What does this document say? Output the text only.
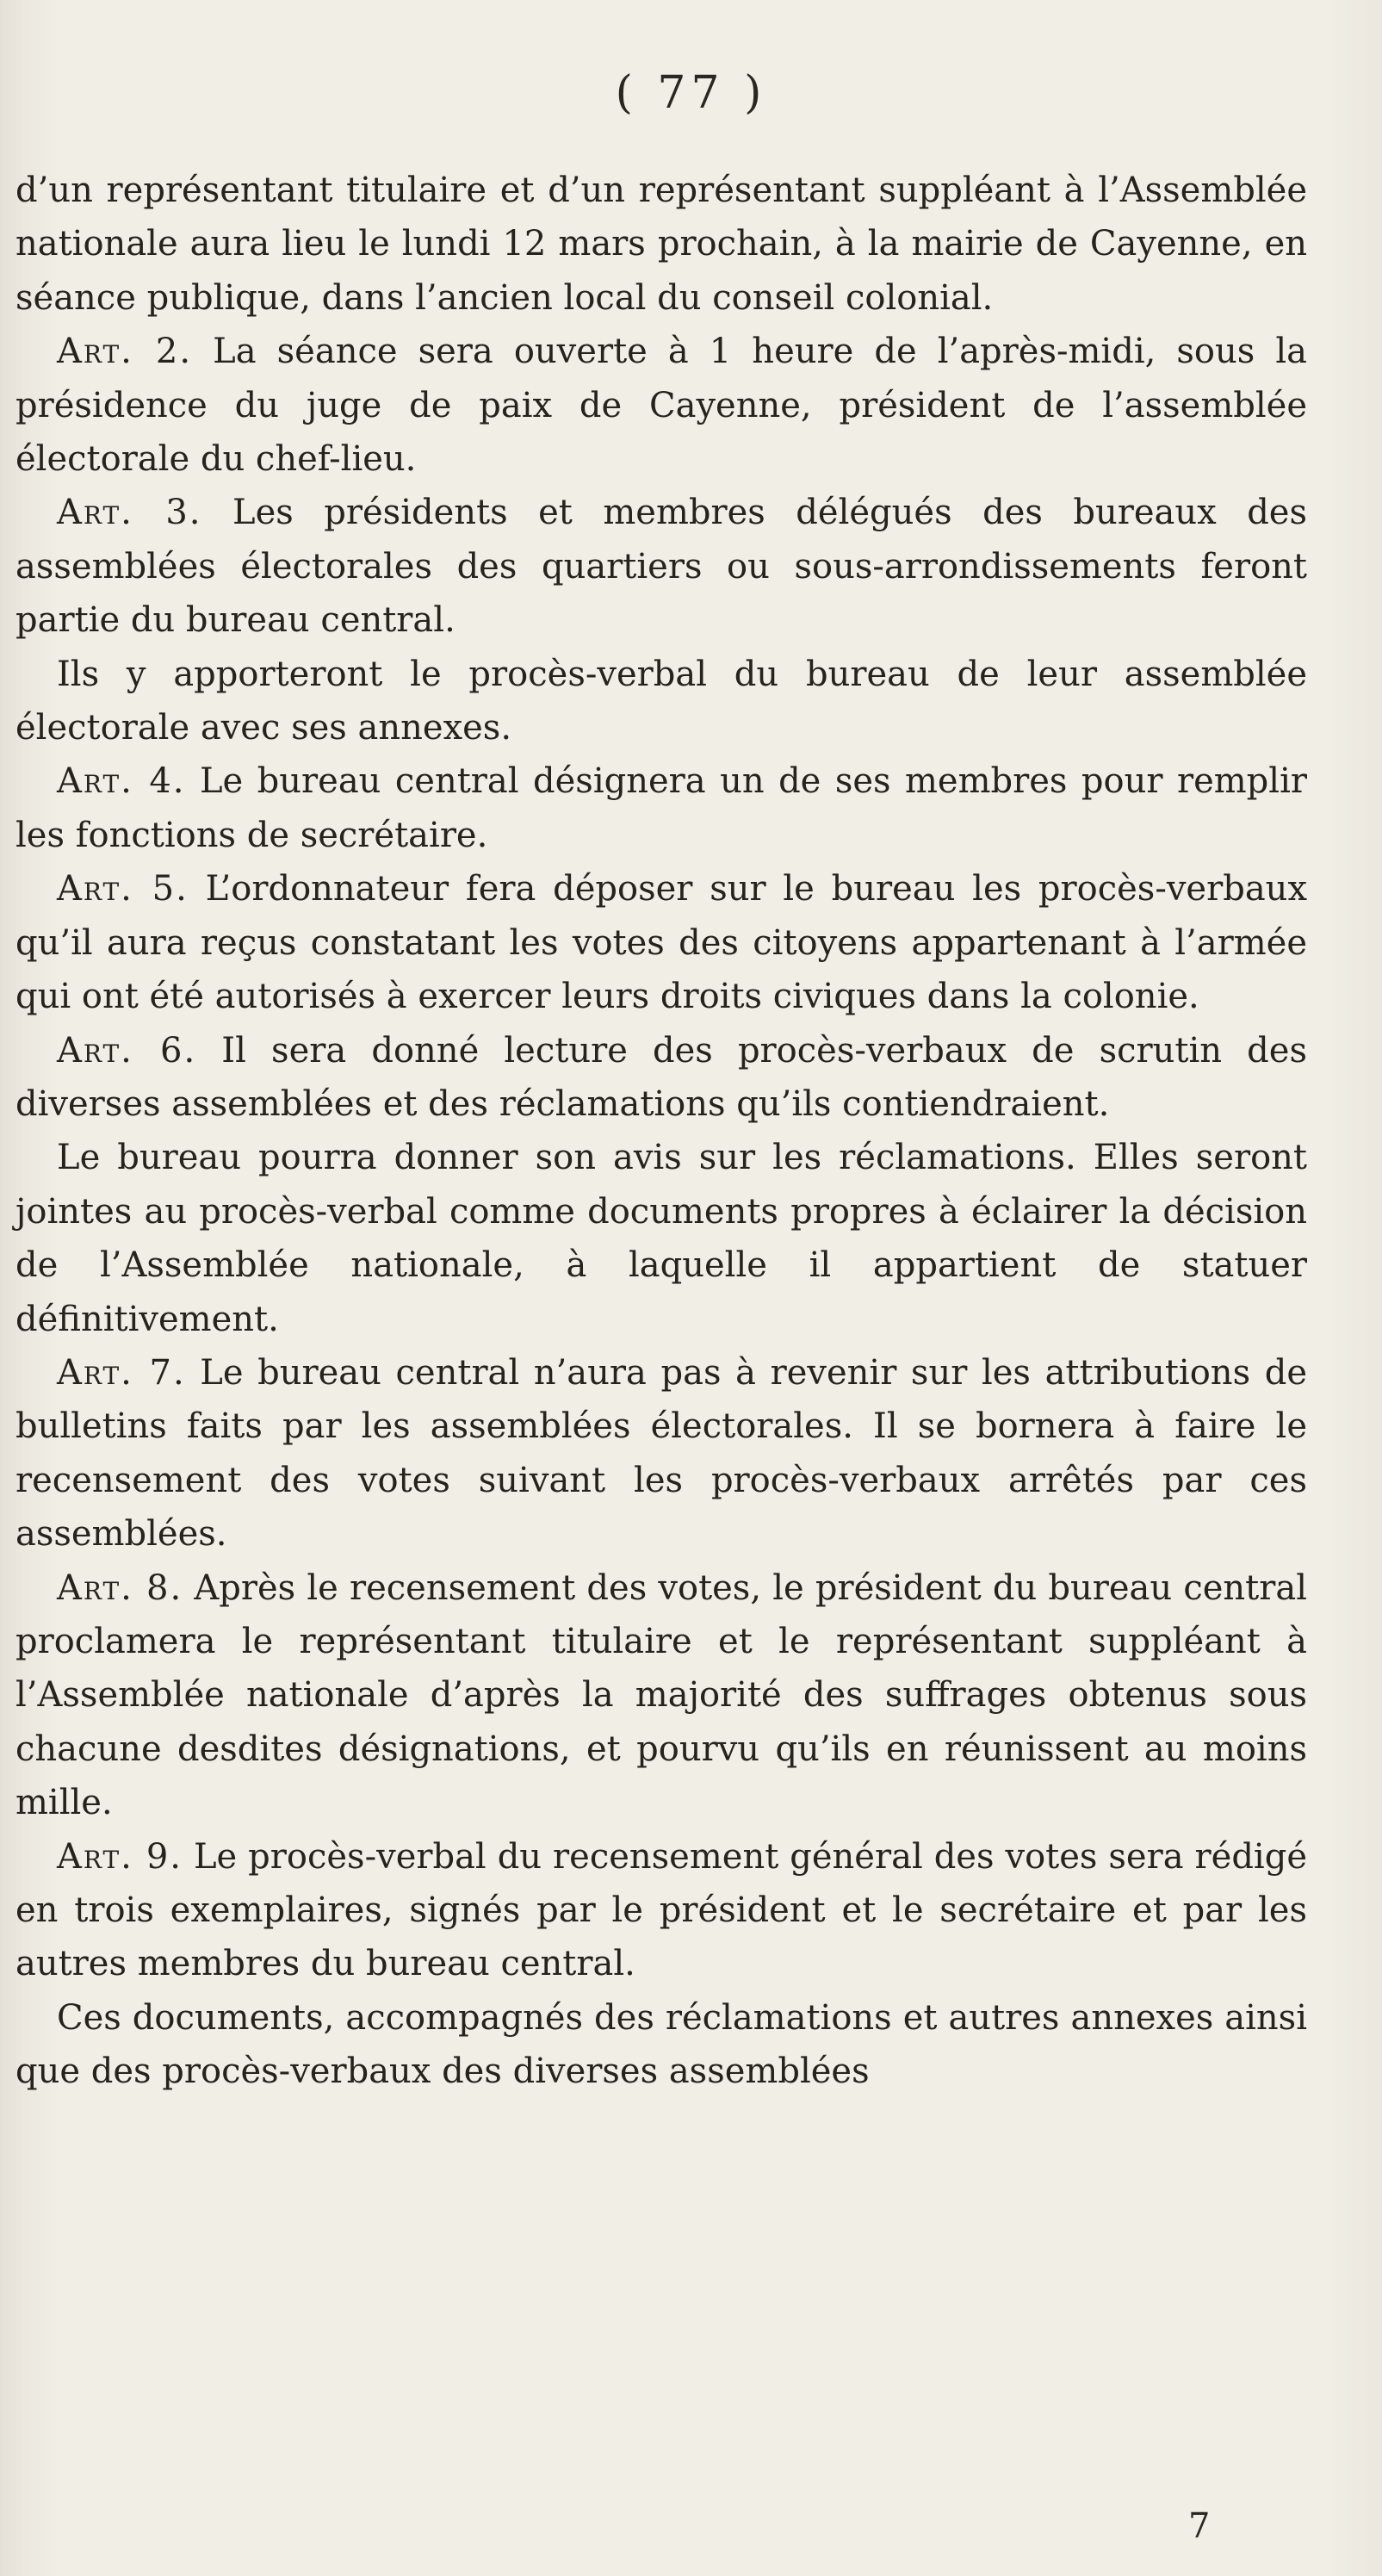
( 77 )

d’un représentant titulaire et d’un représentant suppléant à l’Assemblée nationale aura lieu le lundi 12 mars prochain, à la mairie de Cayenne, en séance publique, dans l’ancien local du conseil colonial.

Art. 2. La séance sera ouverte à 1 heure de l’après-midi, sous la présidence du juge de paix de Cayenne, président de l’assemblée électorale du chef-lieu.

Art. 3. Les présidents et membres délégués des bureaux des assemblées électorales des quartiers ou sous-arrondissements feront partie du bureau central.

Ils y apporteront le procès-verbal du bureau de leur assemblée électorale avec ses annexes.

Art. 4. Le bureau central désignera un de ses membres pour remplir les fonctions de secrétaire.

Art. 5. L’ordonnateur fera déposer sur le bureau les procès-verbaux qu’il aura reçus constatant les votes des citoyens appartenant à l’armée qui ont été autorisés à exercer leurs droits civiques dans la colonie.

Art. 6. Il sera donné lecture des procès-verbaux de scrutin des diverses assemblées et des réclamations qu’ils contiendraient.

Le bureau pourra donner son avis sur les réclamations. Elles seront jointes au procès-verbal comme documents propres à éclairer la décision de l’Assemblée nationale, à laquelle il appartient de statuer définitivement.

Art. 7. Le bureau central n’aura pas à revenir sur les attributions de bulletins faits par les assemblées électorales. Il se bornera à faire le recensement des votes suivant les procès-verbaux arrêtés par ces assemblées.

Art. 8. Après le recensement des votes, le président du bureau central proclamera le représentant titulaire et le représentant suppléant à l’Assemblée nationale d’après la majorité des suffrages obtenus sous chacune desdites désignations, et pourvu qu’ils en réunissent au moins mille.

Art. 9. Le procès-verbal du recensement général des votes sera rédigé en trois exemplaires, signés par le président et le secrétaire et par les autres membres du bureau central.

Ces documents, accompagnés des réclamations et autres annexes ainsi que des procès-verbaux des diverses assemblées

7
